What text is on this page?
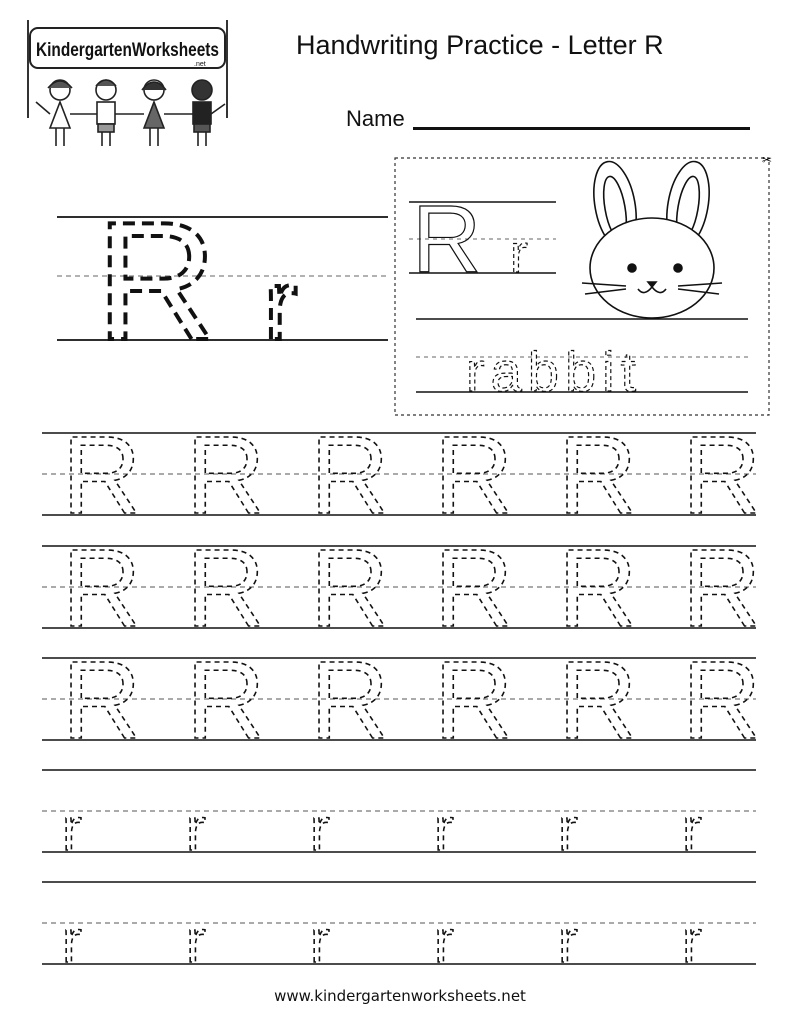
KindergartenWorksheets
.net
Handwriting Practice - Letter R
Name
R r
✂
R r
rabbit
R R R R R R
R R R R R R
R R R R R R
r r r r r r
r r r r r r
www.kindergartenworksheets.net
